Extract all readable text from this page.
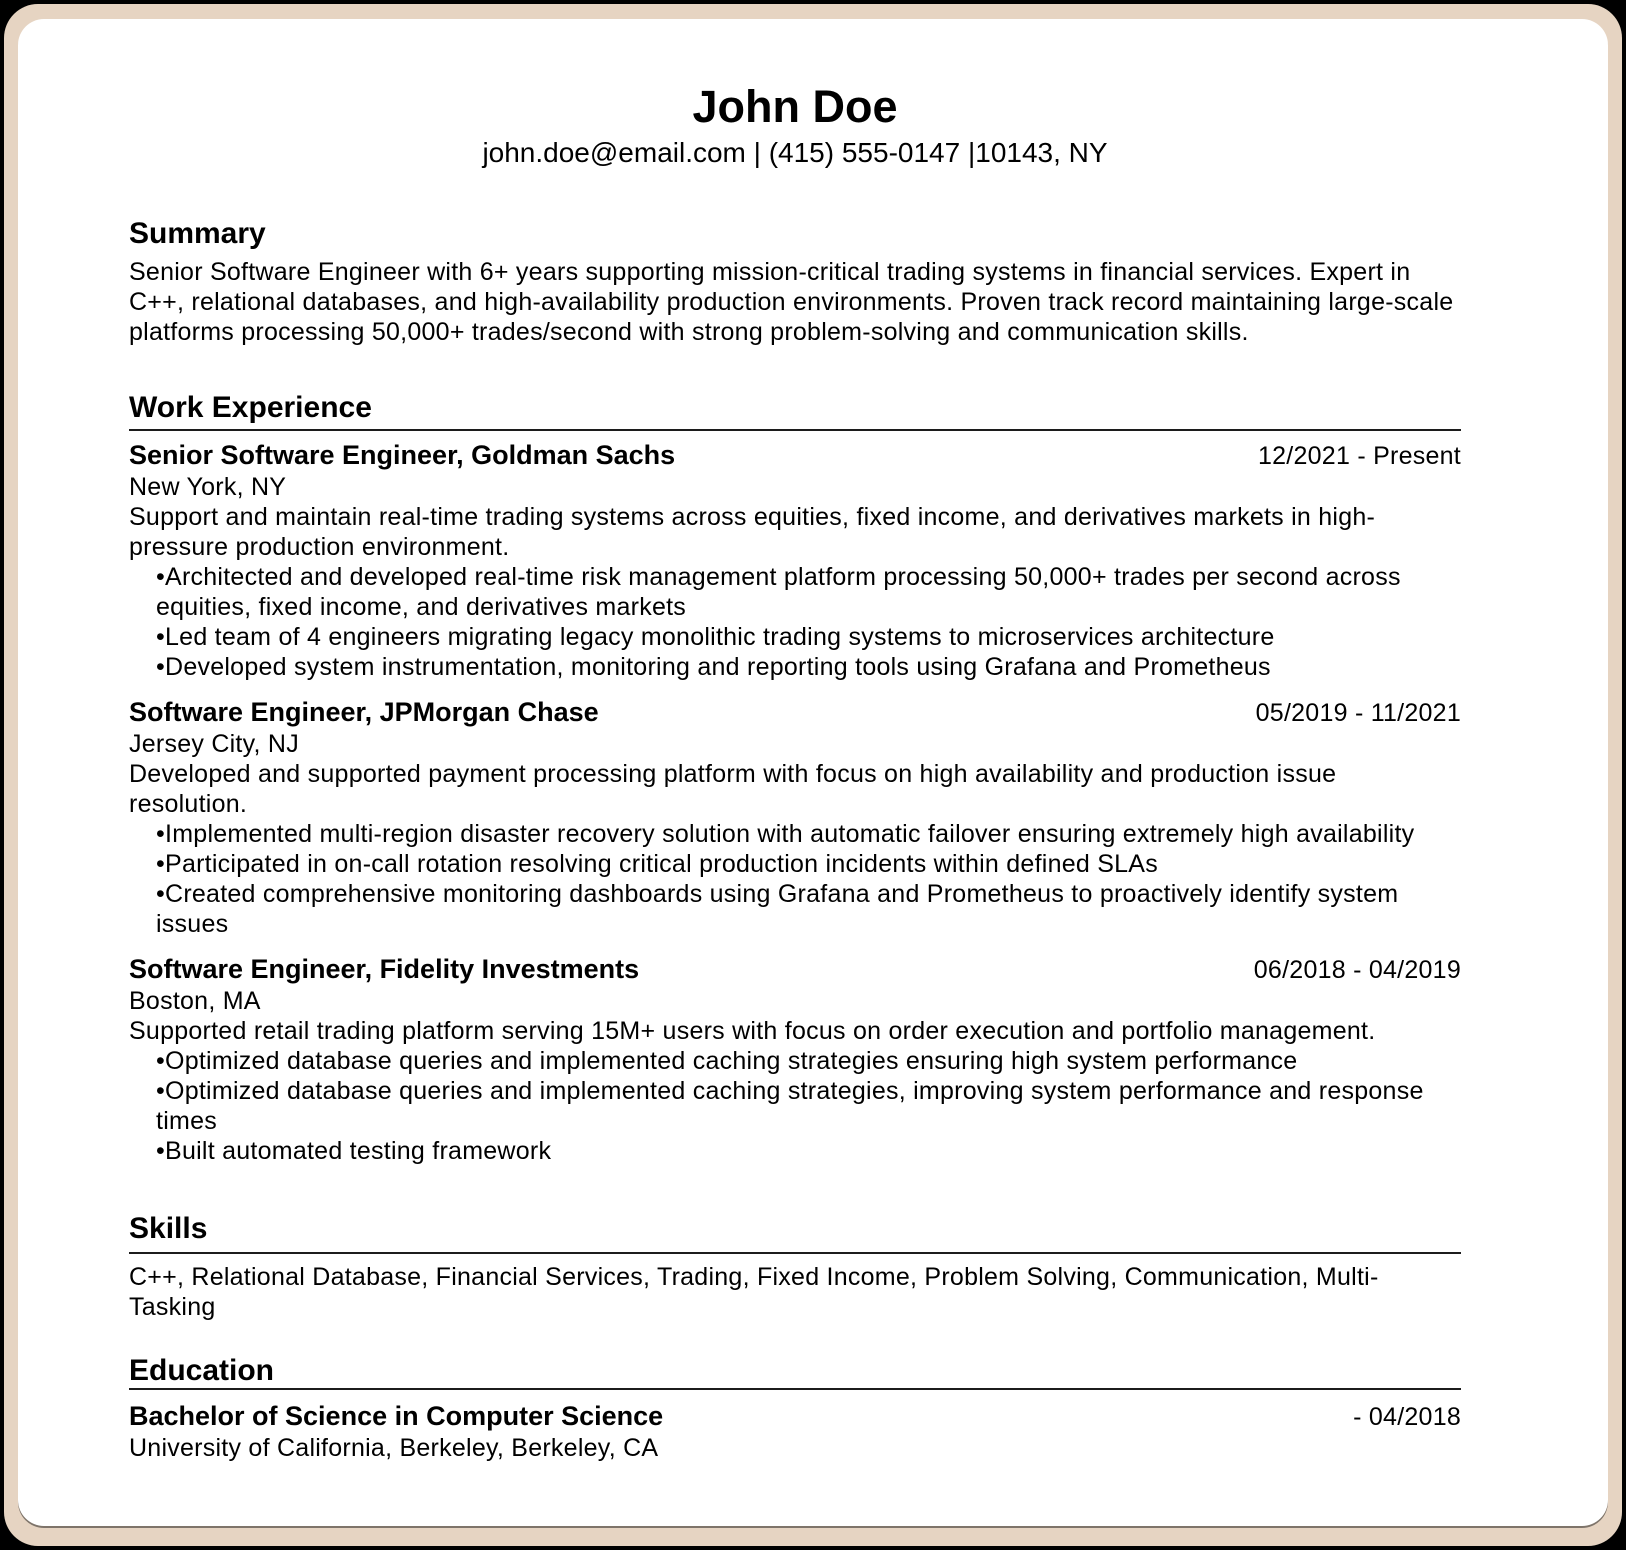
John Doe
john.doe@email.com | (415) 555-0147 |10143, NY
Summary

Senior Software Engineer with 6+ years supporting mission-critical trading systems in financial services. Expert in C++, relational databases, and high-availability production environments. Proven track record maintaining large-scale platforms processing 50,000+ trades/second with strong problem-solving and communication skills.

Work Experience
Senior Software Engineer, Goldman Sachs	12/2021 - Present
New York, NY

Support and maintain real-time trading systems across equities, fixed income, and derivatives markets in high-pressure production environment.

• Architected and developed real-time risk management platform processing 50,000+ trades per second across equities, fixed income, and derivatives markets
• Led team of 4 engineers migrating legacy monolithic trading systems to microservices architecture
• Developed system instrumentation, monitoring and reporting tools using Grafana and Prometheus
Software Engineer, JPMorgan Chase	05/2019 - 11/2021
Jersey City, NJ

Developed and supported payment processing platform with focus on high availability and production issue resolution.

• Implemented multi-region disaster recovery solution with automatic failover ensuring extremely high availability
• Participated in on-call rotation resolving critical production incidents within defined SLAs
• Created comprehensive monitoring dashboards using Grafana and Prometheus to proactively identify system issues
Software Engineer, Fidelity Investments	06/2018 - 04/2019
Boston, MA

Supported retail trading platform serving 15M+ users with focus on order execution and portfolio management.

• Optimized database queries and implemented caching strategies ensuring high system performance
• Optimized database queries and implemented caching strategies, improving system performance and response times
• Built automated testing framework
Skills

C++, Relational Database, Financial Services, Trading, Fixed Income, Problem Solving, Communication, Multi-Tasking

Education
Bachelor of Science in Computer Science	- 04/2018
University of California, Berkeley, Berkeley, CA
